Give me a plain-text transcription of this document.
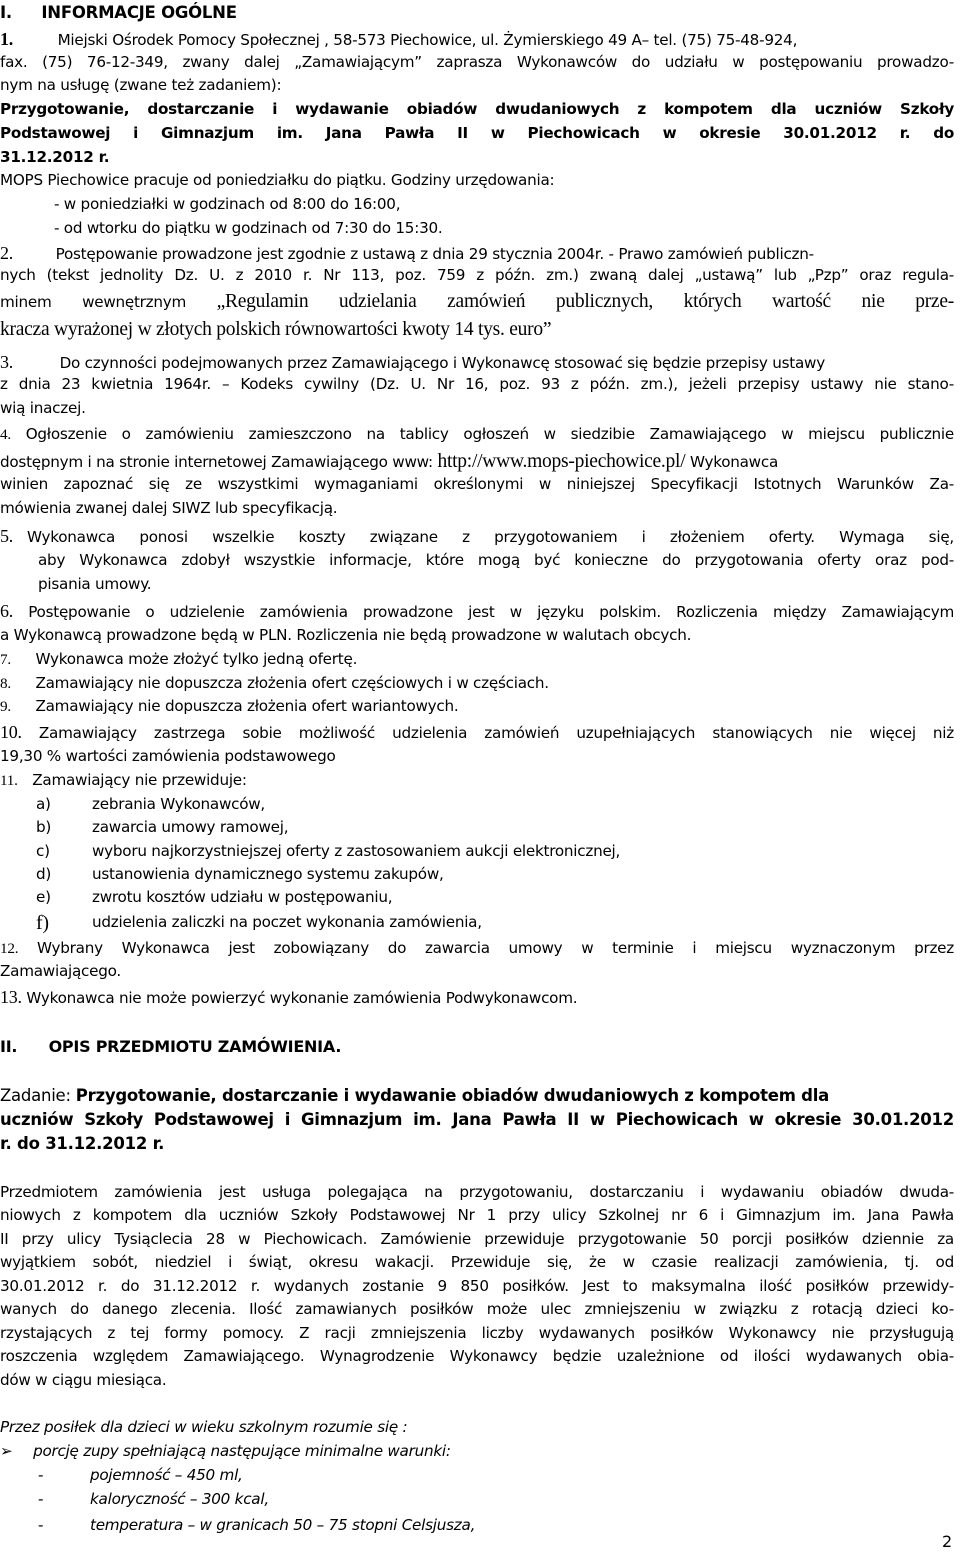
I. INFORMACJE OGÓLNE
1.	Miejski Ośrodek Pomocy Społecznej , 58-573 Piechowice, ul. Żymierskiego 49 A– tel. (75) 75-48-924,
fax. (75) 76-12-349, zwany dalej „Zamawiającym” zaprasza Wykonawców do udziału w postępowaniu prowadzo-
nym na usługę (zwane też zadaniem):
Przygotowanie, dostarczanie i wydawanie obiadów dwudaniowych z kompotem dla uczniów Szkoły
Podstawowej i Gimnazjum im. Jana Pawła II w Piechowicach w okresie 30.01.2012 r. do
31.12.2012 r.
MOPS Piechowice pracuje od poniedziałku do piątku. Godziny urzędowania:
- w poniedziałki w godzinach od 8:00 do 16:00,
- od wtorku do piątku w godzinach od 7:30 do 15:30.
2.	Postępowanie prowadzone jest zgodnie z ustawą z dnia 29 stycznia 2004r. - Prawo zamówień publiczn-
nych (tekst jednolity Dz. U. z 2010 r. Nr 113, poz. 759 z późn. zm.) zwaną dalej „ustawą” lub „Pzp” oraz regula-
minem wewnętrznym „Regulamin udzielania zamówień publicznych, których wartość nie prze-
kracza wyrażonej w złotych polskich równowartości kwoty 14 tys. euro”
3.	Do czynności podejmowanych przez Zamawiającego i Wykonawcę stosować się będzie przepisy ustawy
z dnia 23 kwietnia 1964r. – Kodeks cywilny (Dz. U. Nr 16, poz. 93 z późn. zm.), jeżeli przepisy ustawy nie stano-
wią inaczej.
4. Ogłoszenie o zamówieniu zamieszczono na tablicy ogłoszeń w siedzibie Zamawiającego w miejscu publicznie
dostępnym i na stronie internetowej Zamawiającego www: http://www.mops-piechowice.pl/ Wykonawca
winien zapoznać się ze wszystkimi wymaganiami określonymi w niniejszej Specyfikacji Istotnych Warunków Za-
mówienia zwanej dalej SIWZ lub specyfikacją.
5. Wykonawca ponosi wszelkie koszty związane z przygotowaniem i złożeniem oferty. Wymaga się,
aby Wykonawca zdobył wszystkie informacje, które mogą być konieczne do przygotowania oferty oraz pod-
pisania umowy.
6. Postępowanie o udzielenie zamówienia prowadzone jest w języku polskim. Rozliczenia między Zamawiającym
a Wykonawcą prowadzone będą w PLN. Rozliczenia nie będą prowadzone w walutach obcych.
7. Wykonawca może złożyć tylko jedną ofertę.
8. Zamawiający nie dopuszcza złożenia ofert częściowych i w częściach.
9. Zamawiający nie dopuszcza złożenia ofert wariantowych.
10. Zamawiający zastrzega sobie możliwość udzielenia zamówień uzupełniających stanowiących nie więcej niż
19,30 % wartości zamówienia podstawowego
11. Zamawiający nie przewiduje:
a)	zebrania Wykonawców,
b)	zawarcia umowy ramowej,
c)	wyboru najkorzystniejszej oferty z zastosowaniem aukcji elektronicznej,
d)	ustanowienia dynamicznego systemu zakupów,
e)	zwrotu kosztów udziału w postępowaniu,
f)	udzielenia zaliczki na poczet wykonania zamówienia,
12. Wybrany Wykonawca jest zobowiązany do zawarcia umowy w terminie i miejscu wyznaczonym przez
Zamawiającego.
13. Wykonawca nie może powierzyć wykonanie zamówienia Podwykonawcom.
II. OPIS PRZEDMIOTU ZAMÓWIENIA.
Zadanie: Przygotowanie, dostarczanie i wydawanie obiadów dwudaniowych z kompotem dla
uczniów Szkoły Podstawowej i Gimnazjum im. Jana Pawła II w Piechowicach w okresie 30.01.2012
r. do 31.12.2012 r.
Przedmiotem zamówienia jest usługa polegająca na przygotowaniu, dostarczaniu i wydawaniu obiadów dwuda-
niowych z kompotem dla uczniów Szkoły Podstawowej Nr 1 przy ulicy Szkolnej nr 6 i Gimnazjum im. Jana Pawła
II przy ulicy Tysiąclecia 28 w Piechowicach. Zamówienie przewiduje przygotowanie 50 porcji posiłków dziennie za
wyjątkiem sobót, niedziel i świąt, okresu wakacji. Przewiduje się, że w czasie realizacji zamówienia, tj. od
30.01.2012 r. do 31.12.2012 r. wydanych zostanie 9 850 posiłków. Jest to maksymalna ilość posiłków przewidy-
wanych do danego zlecenia. Ilość zamawianych posiłków może ulec zmniejszeniu w związku z rotacją dzieci ko-
rzystających z tej formy pomocy. Z racji zmniejszenia liczby wydawanych posiłków Wykonawcy nie przysługują
roszczenia względem Zamawiającego. Wynagrodzenie Wykonawcy będzie uzależnione od ilości wydawanych obia-
dów w ciągu miesiąca.
Przez posiłek dla dzieci w wieku szkolnym rozumie się :
➢ porcję zupy spełniającą następujące minimalne warunki:
-	pojemność – 450 ml,
-	kaloryczność – 300 kcal,
-	temperatura – w granicach 50 – 75 stopni Celsjusza,
2
